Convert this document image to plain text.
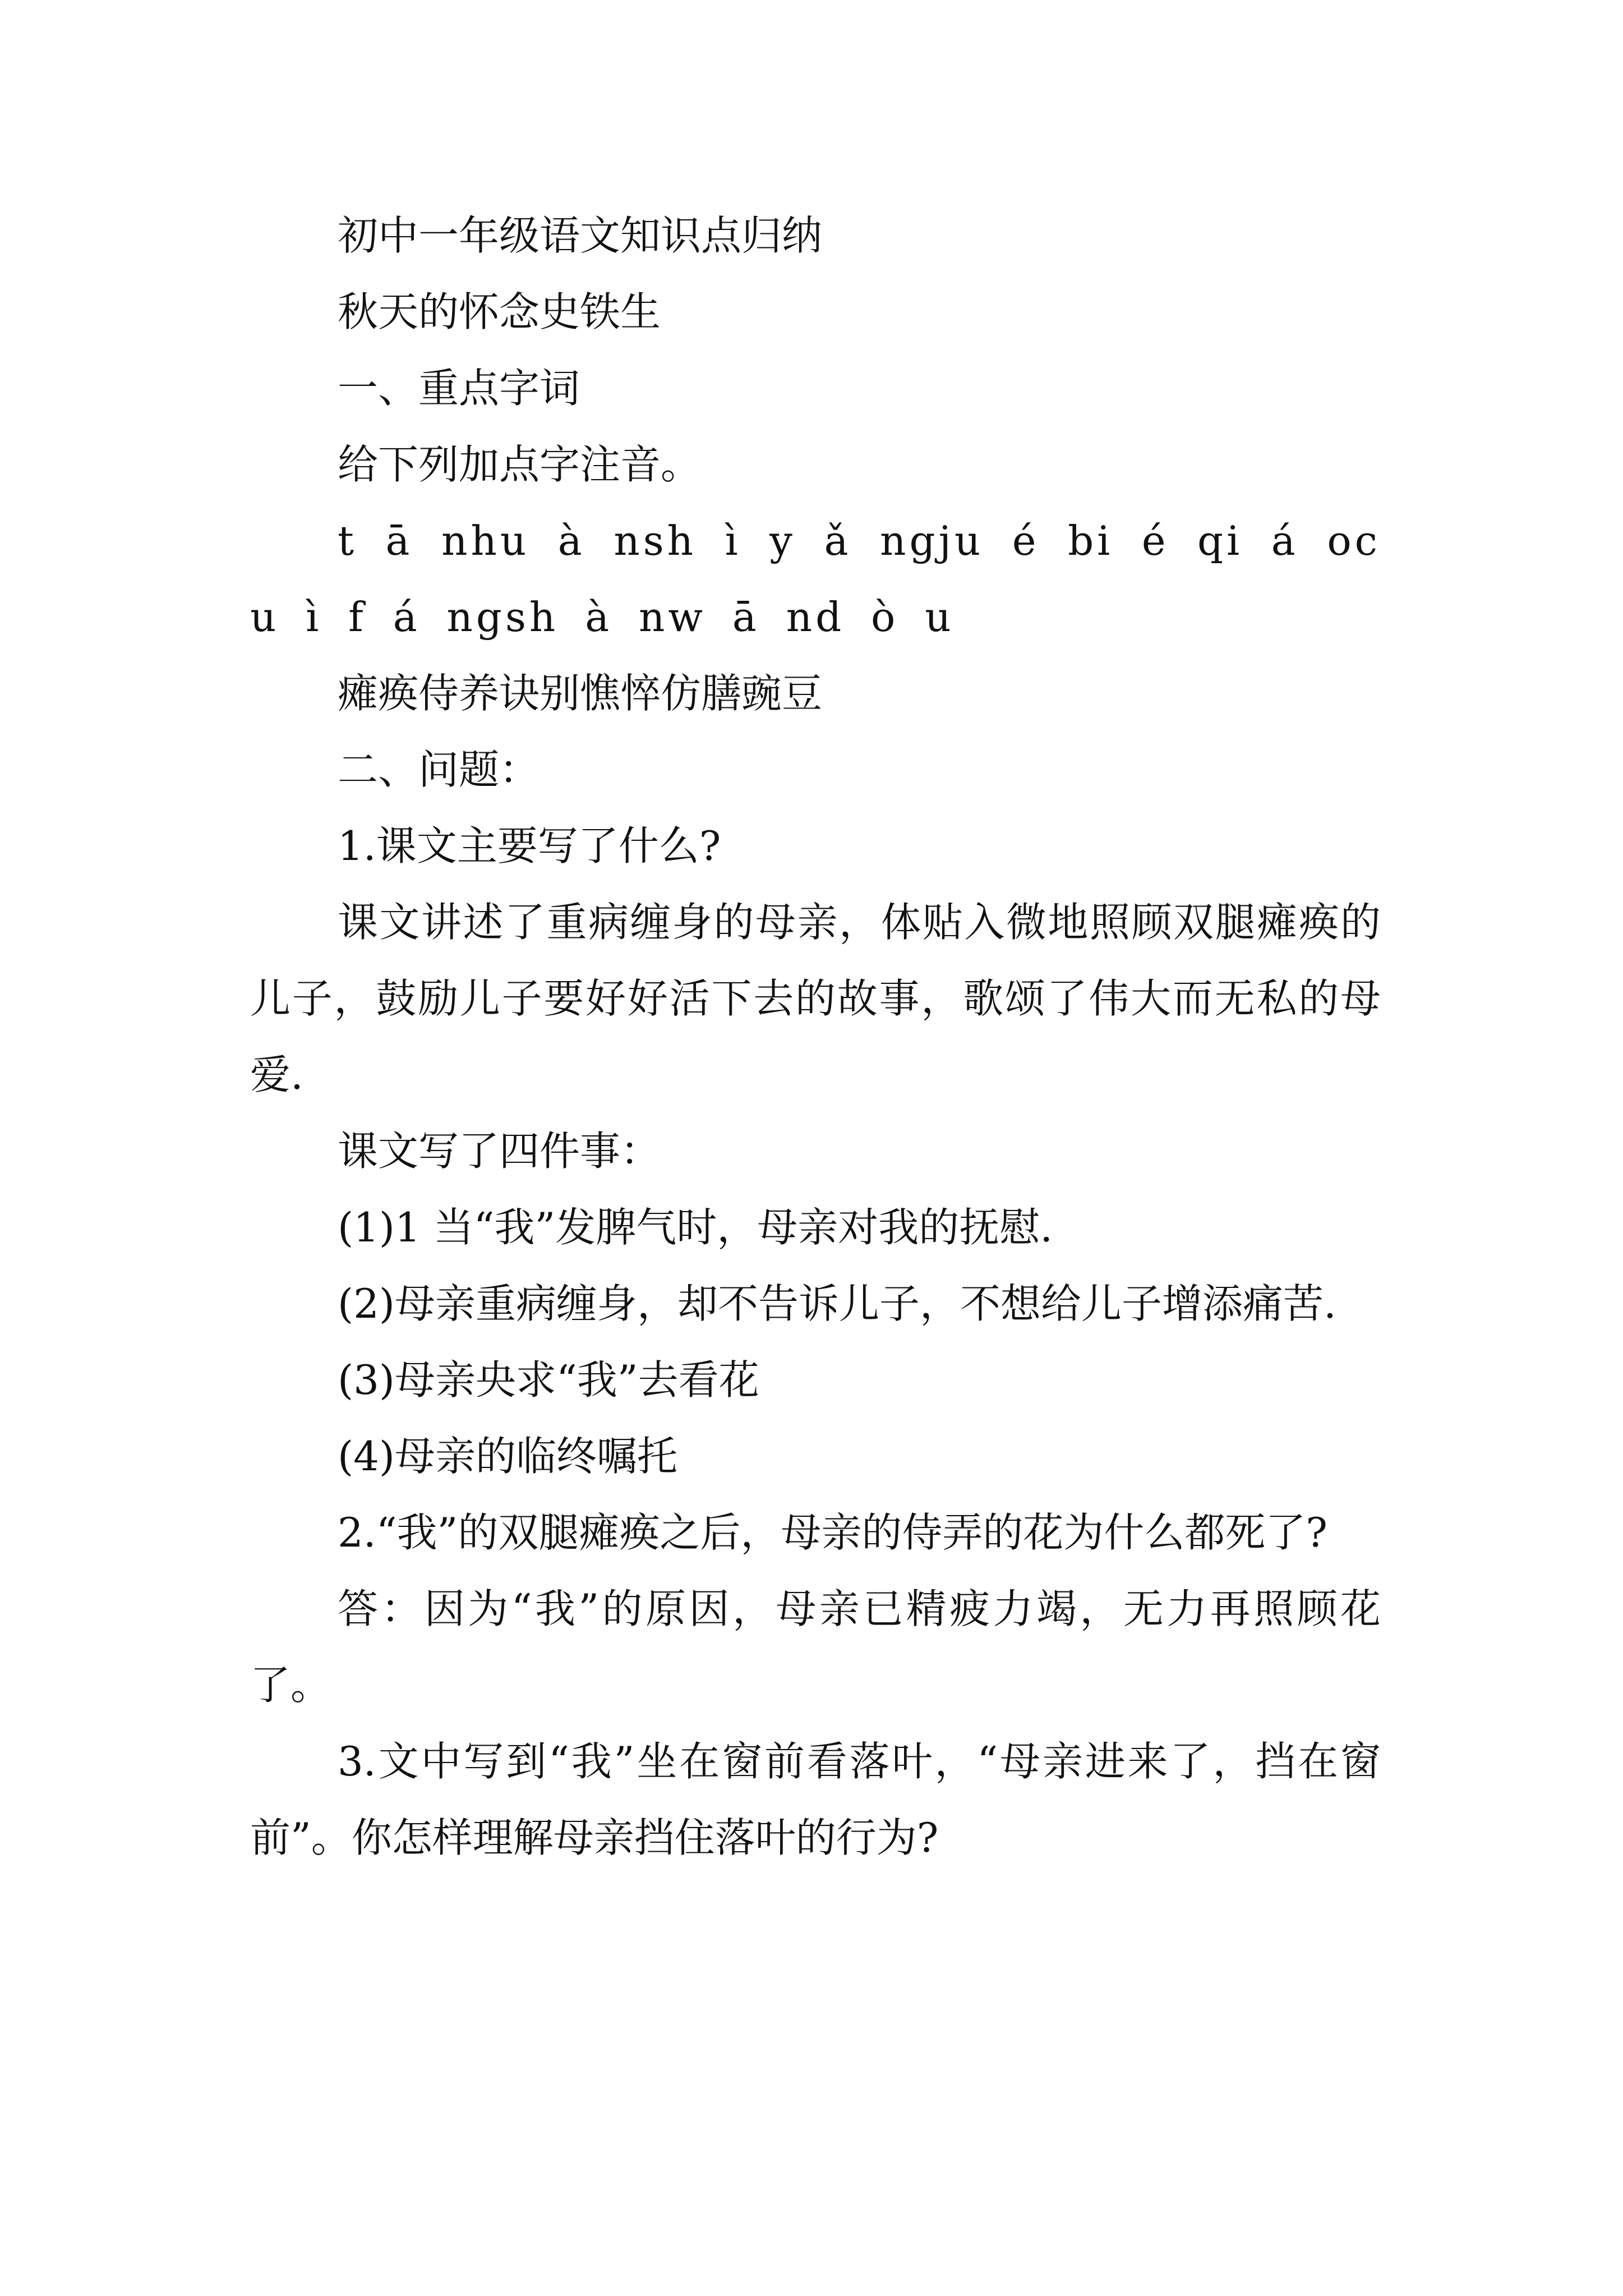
初中一年级语文知识点归纳

秋天的怀念史铁生

一、重点字词

给下列加点字注音。

t ā nhu à nsh ì y ǎ ngju é bi é qi á ocu ì f á ngsh à nw ā nd ò u

瘫痪侍养诀别憔悴仿膳豌豆

二、问题：

1.课文主要写了什么?

课文讲述了重病缠身的母亲，体贴入微地照顾双腿瘫痪的儿子，鼓励儿子要好好活下去的故事，歌颂了伟大而无私的母爱.

课文写了四件事：

(1)1 当“我”发脾气时，母亲对我的抚慰.

(2)母亲重病缠身，却不告诉儿子，不想给儿子增添痛苦.

(3)母亲央求“我”去看花

(4)母亲的临终嘱托

2.“我”的双腿瘫痪之后，母亲的侍弄的花为什么都死了?

答：因为“我”的原因，母亲已精疲力竭，无力再照顾花了。

3.文中写到“我”坐在窗前看落叶，“母亲进来了，挡在窗前”。你怎样理解母亲挡住落叶的行为?
